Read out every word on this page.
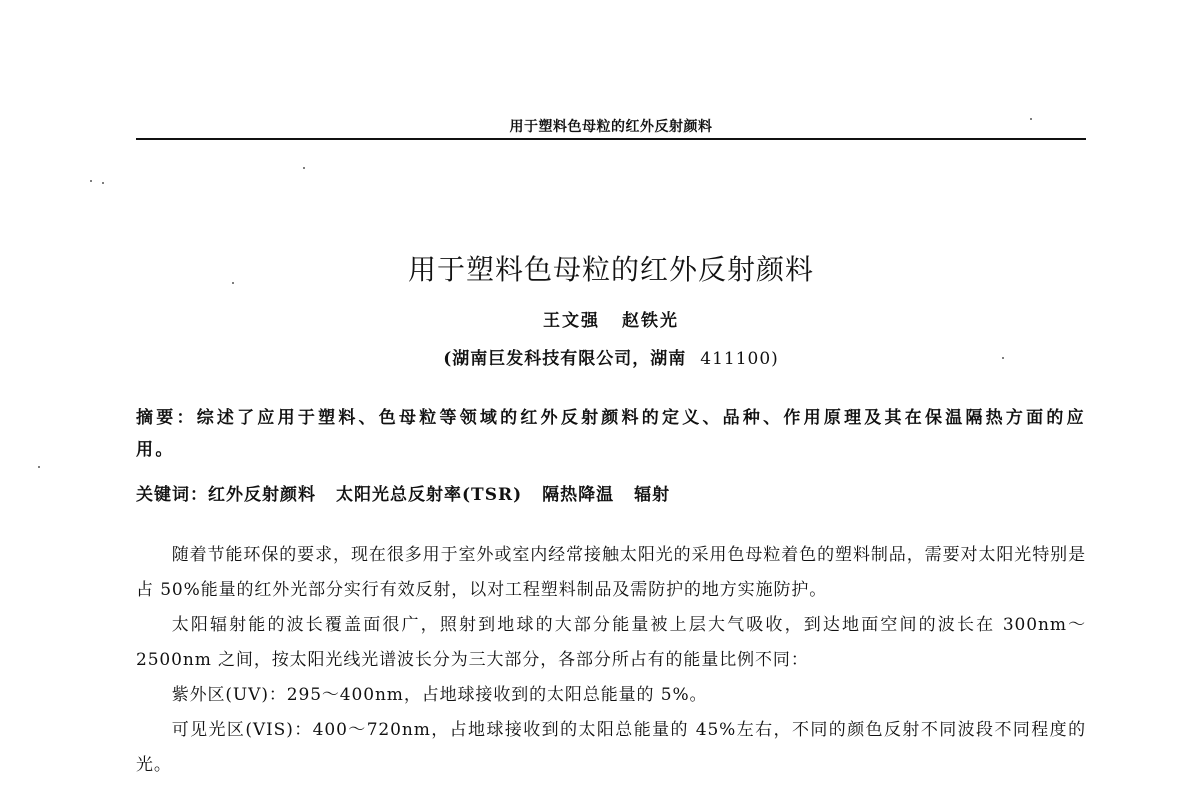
用于塑料色母粒的红外反射颜料
用于塑料色母粒的红外反射颜料
王文强 赵铁光
(湖南巨发科技有限公司，湖南 411100)
摘要：综述了应用于塑料、色母粒等领域的红外反射颜料的定义、品种、作用原理及其在保温隔热方面的应用。
关键词：红外反射颜料 太阳光总反射率(TSR) 隔热降温 辐射

随着节能环保的要求，现在很多用于室外或室内经常接触太阳光的采用色母粒着色的塑料制品，需要对太阳光特别是占 50%能量的红外光部分实行有效反射，以对工程塑料制品及需防护的地方实施防护。

太阳辐射能的波长覆盖面很广，照射到地球的大部分能量被上层大气吸收，到达地面空间的波长在 300nm～2500nm 之间，按太阳光线光谱波长分为三大部分，各部分所占有的能量比例不同：

紫外区(UV)：295～400nm，占地球接收到的太阳总能量的 5%。

可见光区(VIS)：400～720nm，占地球接收到的太阳总能量的 45%左右，不同的颜色反射不同波段不同程度的光。
